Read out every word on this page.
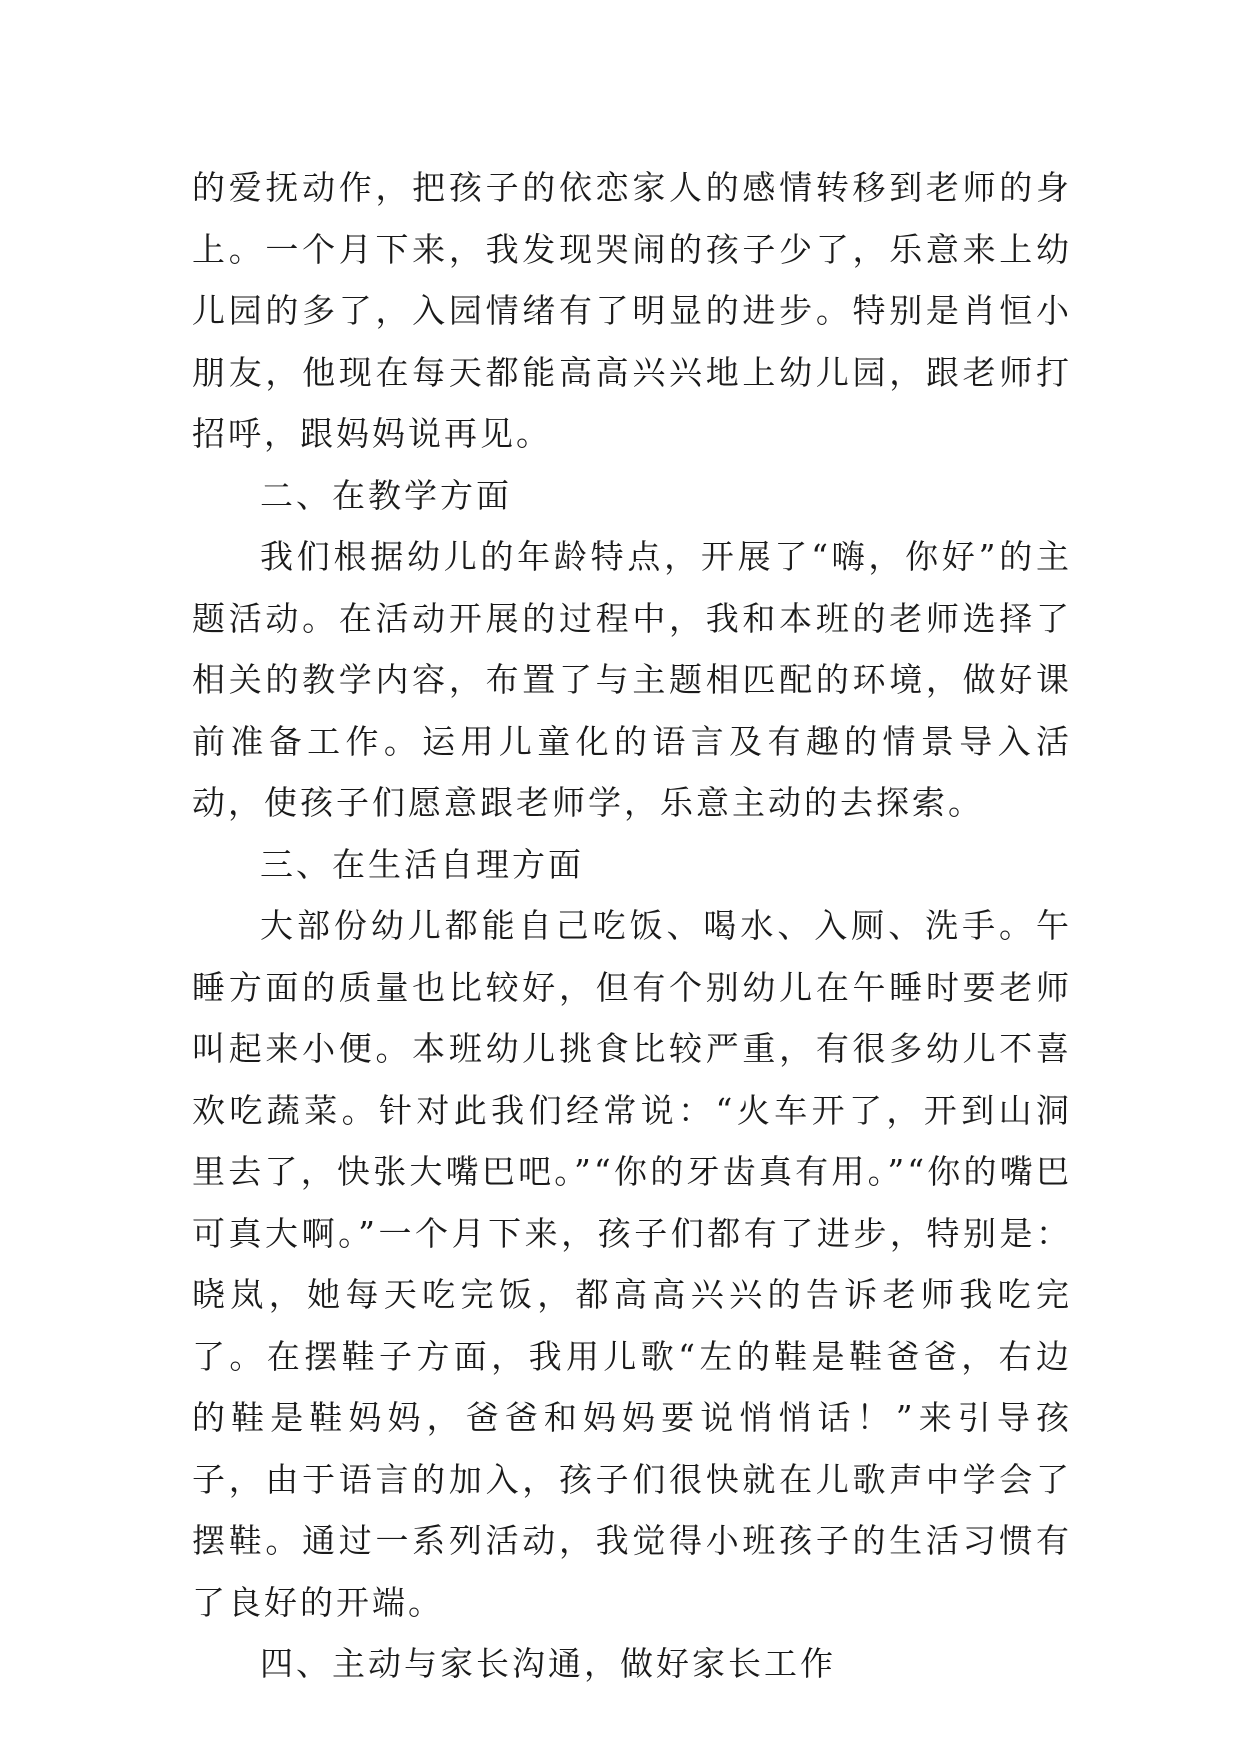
的爱抚动作，把孩子的依恋家人的感情转移到老师的身上。一个月下来，我发现哭闹的孩子少了，乐意来上幼儿园的多了，入园情绪有了明显的进步。特别是肖恒小朋友，他现在每天都能高高兴兴地上幼儿园，跟老师打招呼，跟妈妈说再见。

二、在教学方面

我们根据幼儿的年龄特点，开展了“嗨，你好”的主题活动。在活动开展的过程中，我和本班的老师选择了相关的教学内容，布置了与主题相匹配的环境，做好课前准备工作。运用儿童化的语言及有趣的情景导入活动，使孩子们愿意跟老师学，乐意主动的去探索。

三、在生活自理方面

大部份幼儿都能自己吃饭、喝水、入厕、洗手。午睡方面的质量也比较好，但有个别幼儿在午睡时要老师叫起来小便。本班幼儿挑食比较严重，有很多幼儿不喜欢吃蔬菜。针对此我们经常说：“火车开了，开到山洞里去了，快张大嘴巴吧。”“你的牙齿真有用。”“你的嘴巴可真大啊。”一个月下来，孩子们都有了进步，特别是：晓岚，她每天吃完饭，都高高兴兴的告诉老师我吃完了。在摆鞋子方面，我用儿歌“左的鞋是鞋爸爸，右边的鞋是鞋妈妈，爸爸和妈妈要说悄悄话！”来引导孩子，由于语言的加入，孩子们很快就在儿歌声中学会了摆鞋。通过一系列活动，我觉得小班孩子的生活习惯有了良好的开端。

四、主动与家长沟通，做好家长工作
